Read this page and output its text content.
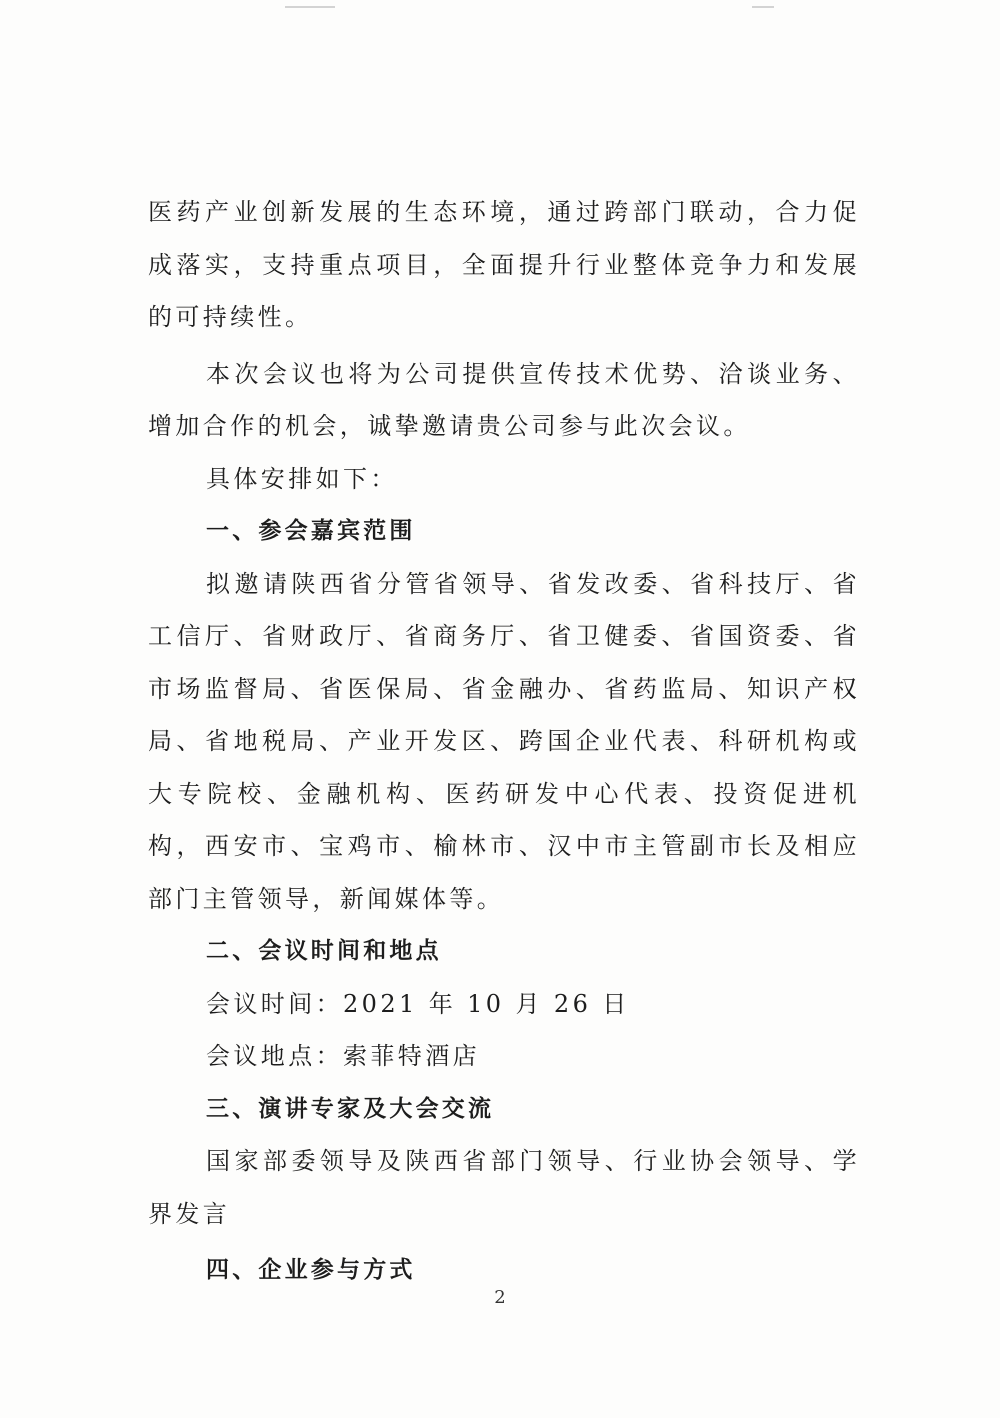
医药产业创新发展的生态环境，通过跨部门联动，合力促成落实，支持重点项目，全面提升行业整体竞争力和发展的可持续性。

本次会议也将为公司提供宣传技术优势、洽谈业务、增加合作的机会，诚挚邀请贵公司参与此次会议。

具体安排如下：

一、参会嘉宾范围

拟邀请陕西省分管省领导、省发改委、省科技厅、省工信厅、省财政厅、省商务厅、省卫健委、省国资委、省市场监督局、省医保局、省金融办、省药监局、知识产权局、省地税局、产业开发区、跨国企业代表、科研机构或大专院校、金融机构、医药研发中心代表、投资促进机构，西安市、宝鸡市、榆林市、汉中市主管副市长及相应部门主管领导，新闻媒体等。

二、会议时间和地点

会议时间：2021 年 10 月 26 日

会议地点：索菲特酒店

三、演讲专家及大会交流

国家部委领导及陕西省部门领导、行业协会领导、学界发言

四、企业参与方式
2
